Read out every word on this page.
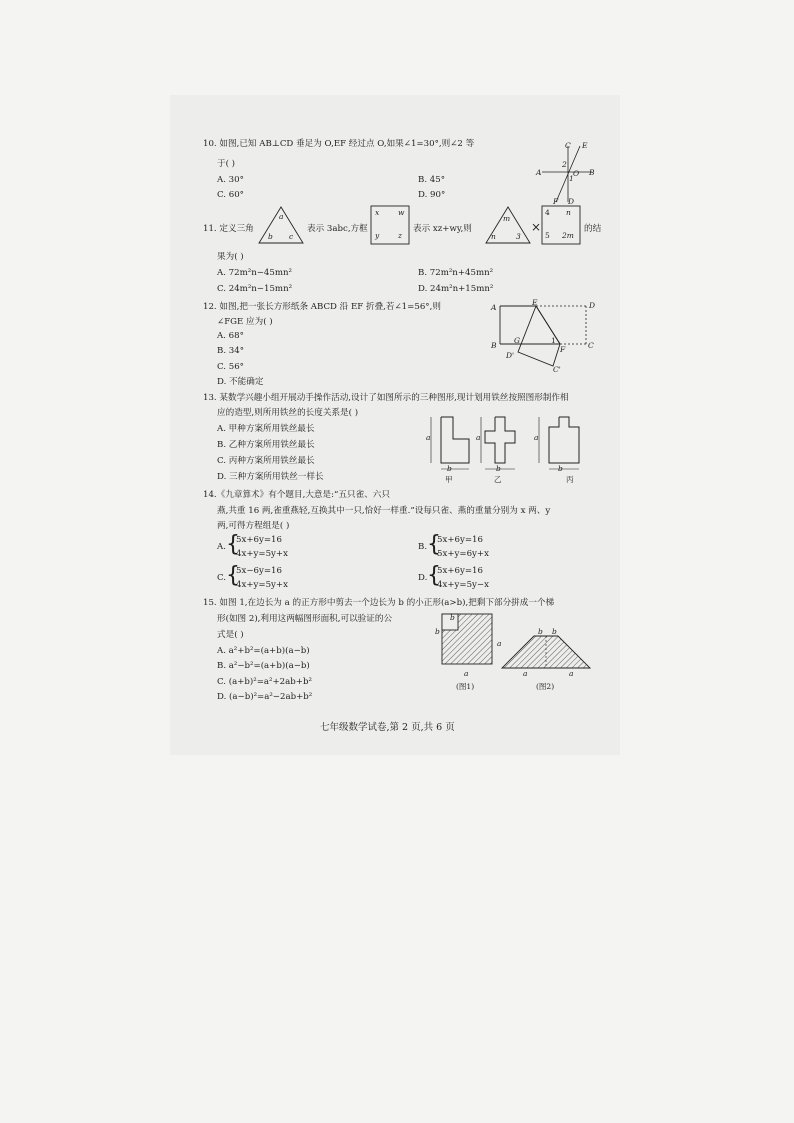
10. 如图,已知 AB⊥CD 垂足为 O,EF 经过点 O,如果∠1=30°,则∠2 等
于( )
A. 30°	B. 45°
C. 60°	D. 90°
C E
A	B
2
1
O
F D
11. 定义三角
a
b c
表示 3abc,方框
x	w
y	z
表示 xz+wy,则
m
n	3
×
4 n
5 2m
的结
果为( )
A. 72m²n−45mn²	B. 72m²n+45mn²
C. 24m²n−15mn²	D. 24m²n+15mn²
12. 如图,把一张长方形纸条 ABCD 沿 EF 折叠,若∠1=56°,则
∠FGE 应为( )
A. 68°
B. 34°
C. 56°
D. 不能确定
A
E	D
B
G	1
F	C
D'
C'
13. 某数学兴趣小组开展动手操作活动,设计了如图所示的三种图形,现计划用铁丝按照图形制作相
应的造型,则所用铁丝的长度关系是( )
A. 甲种方案所用铁丝最长
B. 乙种方案所用铁丝最长
C. 丙种方案所用铁丝最长
D. 三种方案所用铁丝一样长
a
b
甲
a
b
乙
a
b
丙
14.《九章算术》有个题目,大意是:“五只雀、六只
燕,共重 16 两,雀重燕轻,互换其中一只,恰好一样重.”设每只雀、燕的重量分别为 x 两、y
两,可得方程组是( )
A. {
5x+6y=16
4x+y=5y+x
B. {
5x+6y=16
5x+y=6y+x
C. {
5x−6y=16
4x+y=5y+x
D. {
5x+6y=16
4x+y=5y−x
15. 如图 1,在边长为 a 的正方形中剪去一个边长为 b 的小正形(a>b),把剩下部分拼成一个梯
形(如图 2),利用这两幅图形面积,可以验证的公
式是( )
A. a²+b²=(a+b)(a−b)
B. a²−b²=(a+b)(a−b)
C. (a+b)²=a²+2ab+b²
D. (a−b)²=a²−2ab+b²
b
b
a
a
(图1)
b b
a	a
(图2)
七年级数学试卷,第 2 页,共 6 页
